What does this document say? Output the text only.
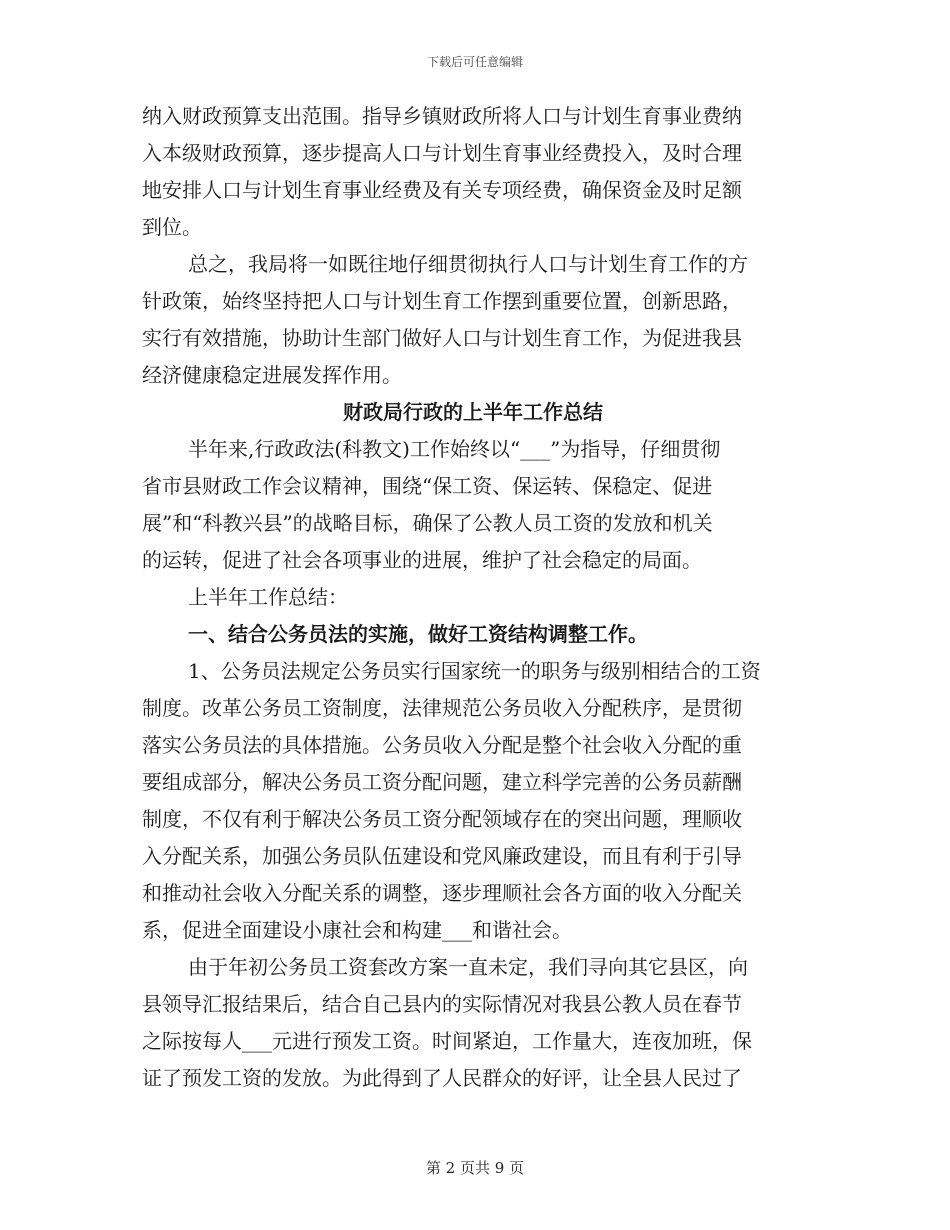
下载后可任意编辑
纳入财政预算支出范围。指导乡镇财政所将人口与计划生育事业费纳
入本级财政预算，逐步提高人口与计划生育事业经费投入，及时合理
地安排人口与计划生育事业经费及有关专项经费，确保资金及时足额
到位。
总之，我局将一如既往地仔细贯彻执行人口与计划生育工作的方
针政策，始终坚持把人口与计划生育工作摆到重要位置，创新思路，
实行有效措施，协助计生部门做好人口与计划生育工作，为促进我县
经济健康稳定进展发挥作用。
财政局行政的上半年工作总结
半年来,行政政法(科教文)工作始终以“___”为指导，仔细贯彻
省市县财政工作会议精神，围绕“保工资、保运转、保稳定、促进
展”和“科教兴县”的战略目标，确保了公教人员工资的发放和机关
的运转，促进了社会各项事业的进展，维护了社会稳定的局面。
上半年工作总结：
一、结合公务员法的实施，做好工资结构调整工作。
1、公务员法规定公务员实行国家统一的职务与级别相结合的工资
制度。改革公务员工资制度，法律规范公务员收入分配秩序，是贯彻
落实公务员法的具体措施。公务员收入分配是整个社会收入分配的重
要组成部分，解决公务员工资分配问题，建立科学完善的公务员薪酬
制度，不仅有利于解决公务员工资分配领域存在的突出问题，理顺收
入分配关系，加强公务员队伍建设和党风廉政建设，而且有利于引导
和推动社会收入分配关系的调整，逐步理顺社会各方面的收入分配关
系，促进全面建设小康社会和构建___和谐社会。
由于年初公务员工资套改方案一直未定，我们寻向其它县区，向
县领导汇报结果后，结合自己县内的实际情况对我县公教人员在春节
之际按每人___元进行预发工资。时间紧迫，工作量大，连夜加班，保
证了预发工资的发放。为此得到了人民群众的好评，让全县人民过了
第 2 页共 9 页
